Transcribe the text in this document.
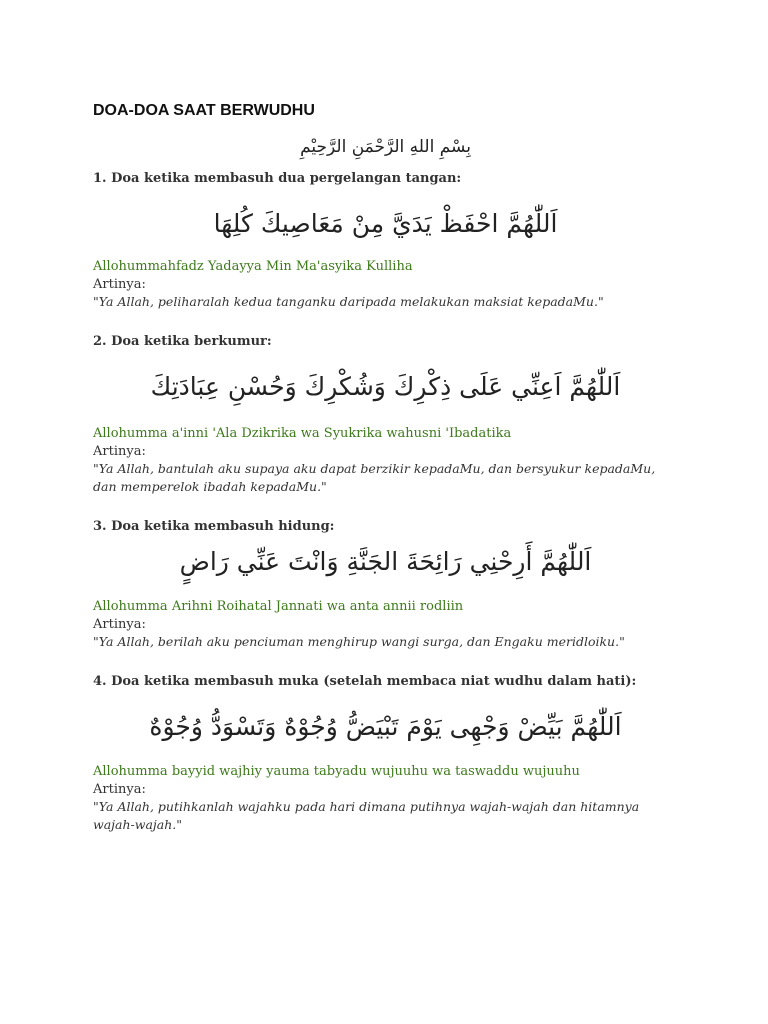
DOA-DOA SAAT BERWUDHU
بِسْمِ اللهِ الرَّحْمَنِ الرَّحِيْمِ
1. Doa ketika membasuh dua pergelangan tangan:
اَللّٰهُمَّ احْفَظْ يَدَيَّ مِنْ مَعَاصِيكَ كُلِهَا
Allohummahfadz Yadayya Min Ma'asyika Kulliha
Artinya:
"Ya Allah, peliharalah kedua tanganku daripada melakukan maksiat kepadaMu."
2. Doa ketika berkumur:
اَللّٰهُمَّ اَعِنِّي عَلَى ذِكْرِكَ وَشُكْرِكَ وَحُسْنِ عِبَادَتِكَ
Allohumma a'inni 'Ala Dzikrika wa Syukrika wahusni 'Ibadatika
Artinya:
"Ya Allah, bantulah aku supaya aku dapat berzikir kepadaMu, dan bersyukur kepadaMu, dan memperelok ibadah kepadaMu."
3. Doa ketika membasuh hidung:
اَللّٰهُمَّ أَرِحْنِي رَائِحَةَ الجَنَّةِ وَانْتَ عَنِّي رَاضٍ
Allohumma Arihni Roihatal Jannati wa anta annii rodliin
Artinya:
"Ya Allah, berilah aku penciuman menghirup wangi surga, dan Engaku meridloiku."
4. Doa ketika membasuh muka (setelah membaca niat wudhu dalam hati):
اَللّٰهُمَّ بَيِّضْ وَجْهِى يَوْمَ تَبْيَضُّ وُجُوْهٌ وَتَسْوَدُّ وُجُوْهٌ
Allohumma bayyid wajhiy yauma tabyadu wujuuhu wa taswaddu wujuuhu
Artinya:
"Ya Allah, putihkanlah wajahku pada hari dimana putihnya wajah-wajah dan hitamnya wajah-wajah."
